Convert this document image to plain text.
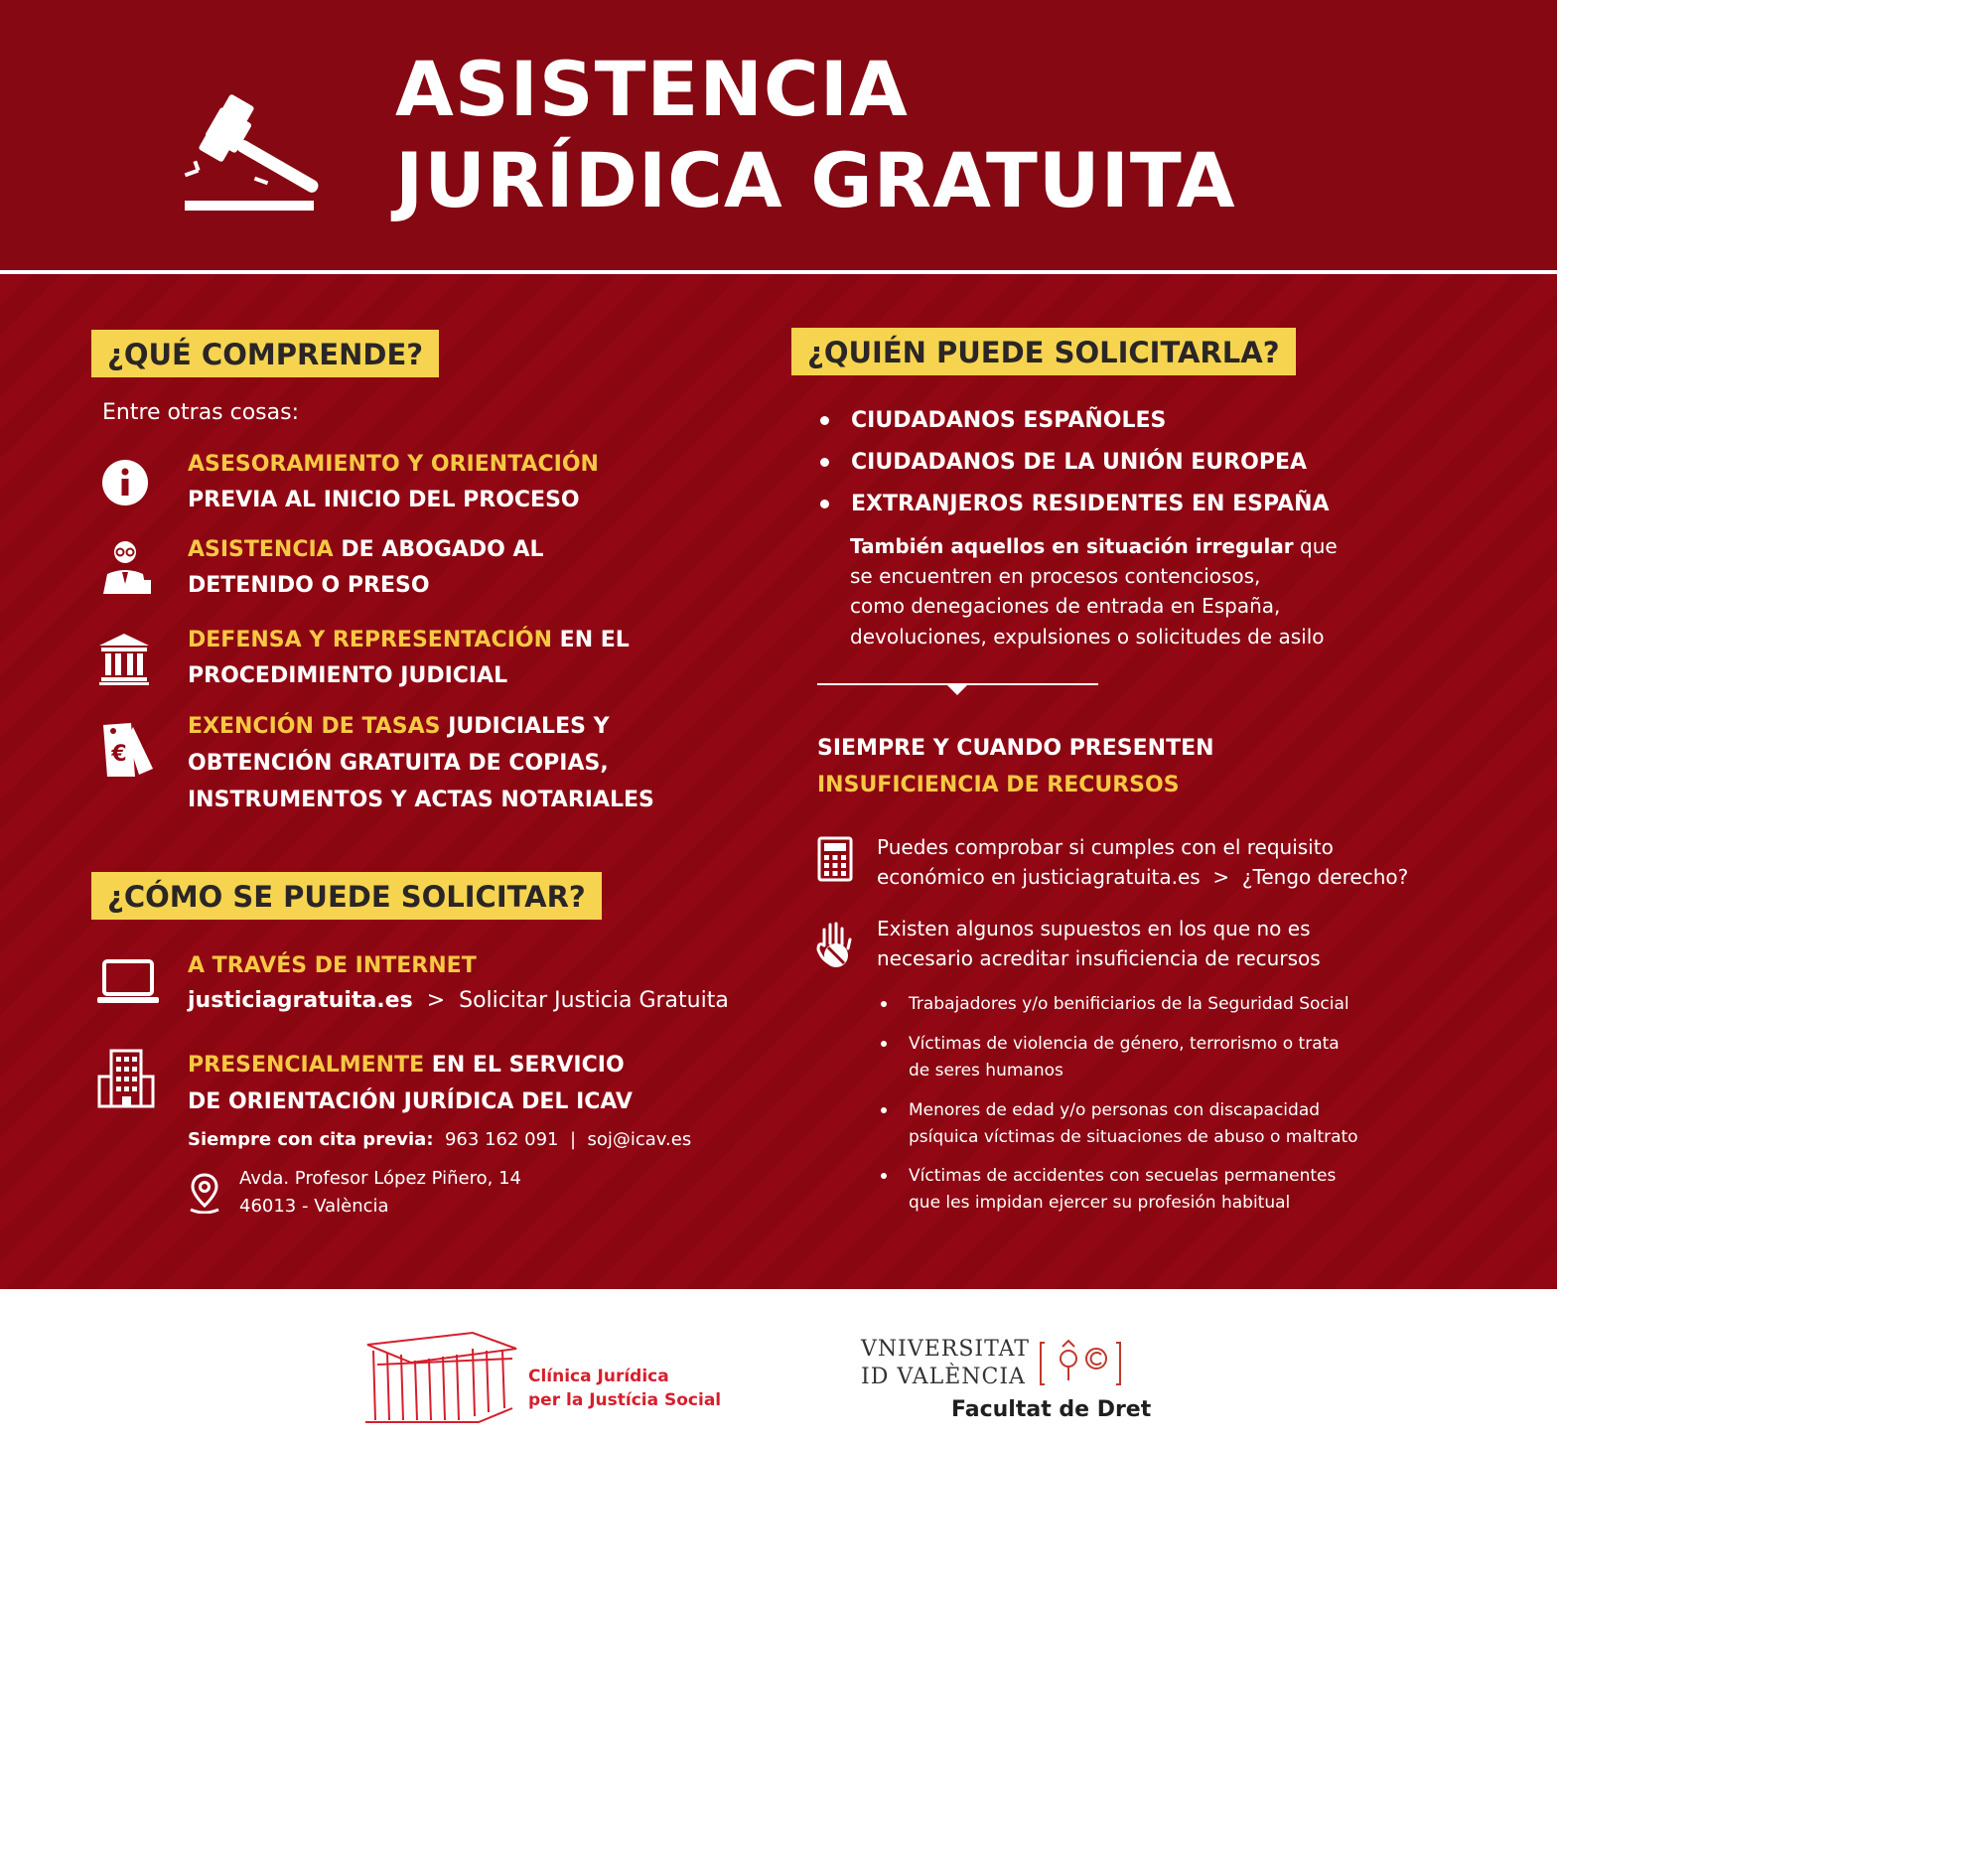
ASISTENCIA
JURÍDICA GRATUITA
¿QUÉ COMPRENDE?
Entre otras cosas:
ASESORAMIENTO Y ORIENTACIÓN
PREVIA AL INICIO DEL PROCESO
ASISTENCIA DE ABOGADO AL
DETENIDO O PRESO
DEFENSA Y REPRESENTACIÓN EN EL
PROCEDIMIENTO JUDICIAL
€
EXENCIÓN DE TASAS JUDICIALES Y
OBTENCIÓN GRATUITA DE COPIAS,
INSTRUMENTOS Y ACTAS NOTARIALES
¿CÓMO SE PUEDE SOLICITAR?
A TRAVÉS DE INTERNET
justiciagratuita.es > Solicitar Justicia Gratuita
PRESENCIALMENTE EN EL SERVICIO
DE ORIENTACIÓN JURÍDICA DEL ICAV
Siempre con cita previa: 963 162 091 | soj@icav.es
Avda. Profesor López Piñero, 14
46013 - València
¿QUIÉN PUEDE SOLICITARLA?
CIUDADANOS ESPAÑOLES
CIUDADANOS DE LA UNIÓN EUROPEA
EXTRANJEROS RESIDENTES EN ESPAÑA
También aquellos en situación irregular que
se encuentren en procesos contenciosos,
como denegaciones de entrada en España,
devoluciones, expulsiones o solicitudes de asilo
SIEMPRE Y CUANDO PRESENTEN
INSUFICIENCIA DE RECURSOS
Puedes comprobar si cumples con el requisito
económico en justiciagratuita.es > ¿Tengo derecho?
Existen algunos supuestos en los que no es
necesario acreditar insuficiencia de recursos
Trabajadores y/o benificiarios de la Seguridad Social
Víctimas de violencia de género, terrorismo o trata
de seres humanos
Menores de edad y/o personas con discapacidad
psíquica víctimas de situaciones de abuso o maltrato
Víctimas de accidentes con secuelas permanentes
que les impidan ejercer su profesión habitual
Clínica Jurídica
per la Justícia Social
VNIVERSITAT
ID VALÈNCIA
Facultat de Dret
